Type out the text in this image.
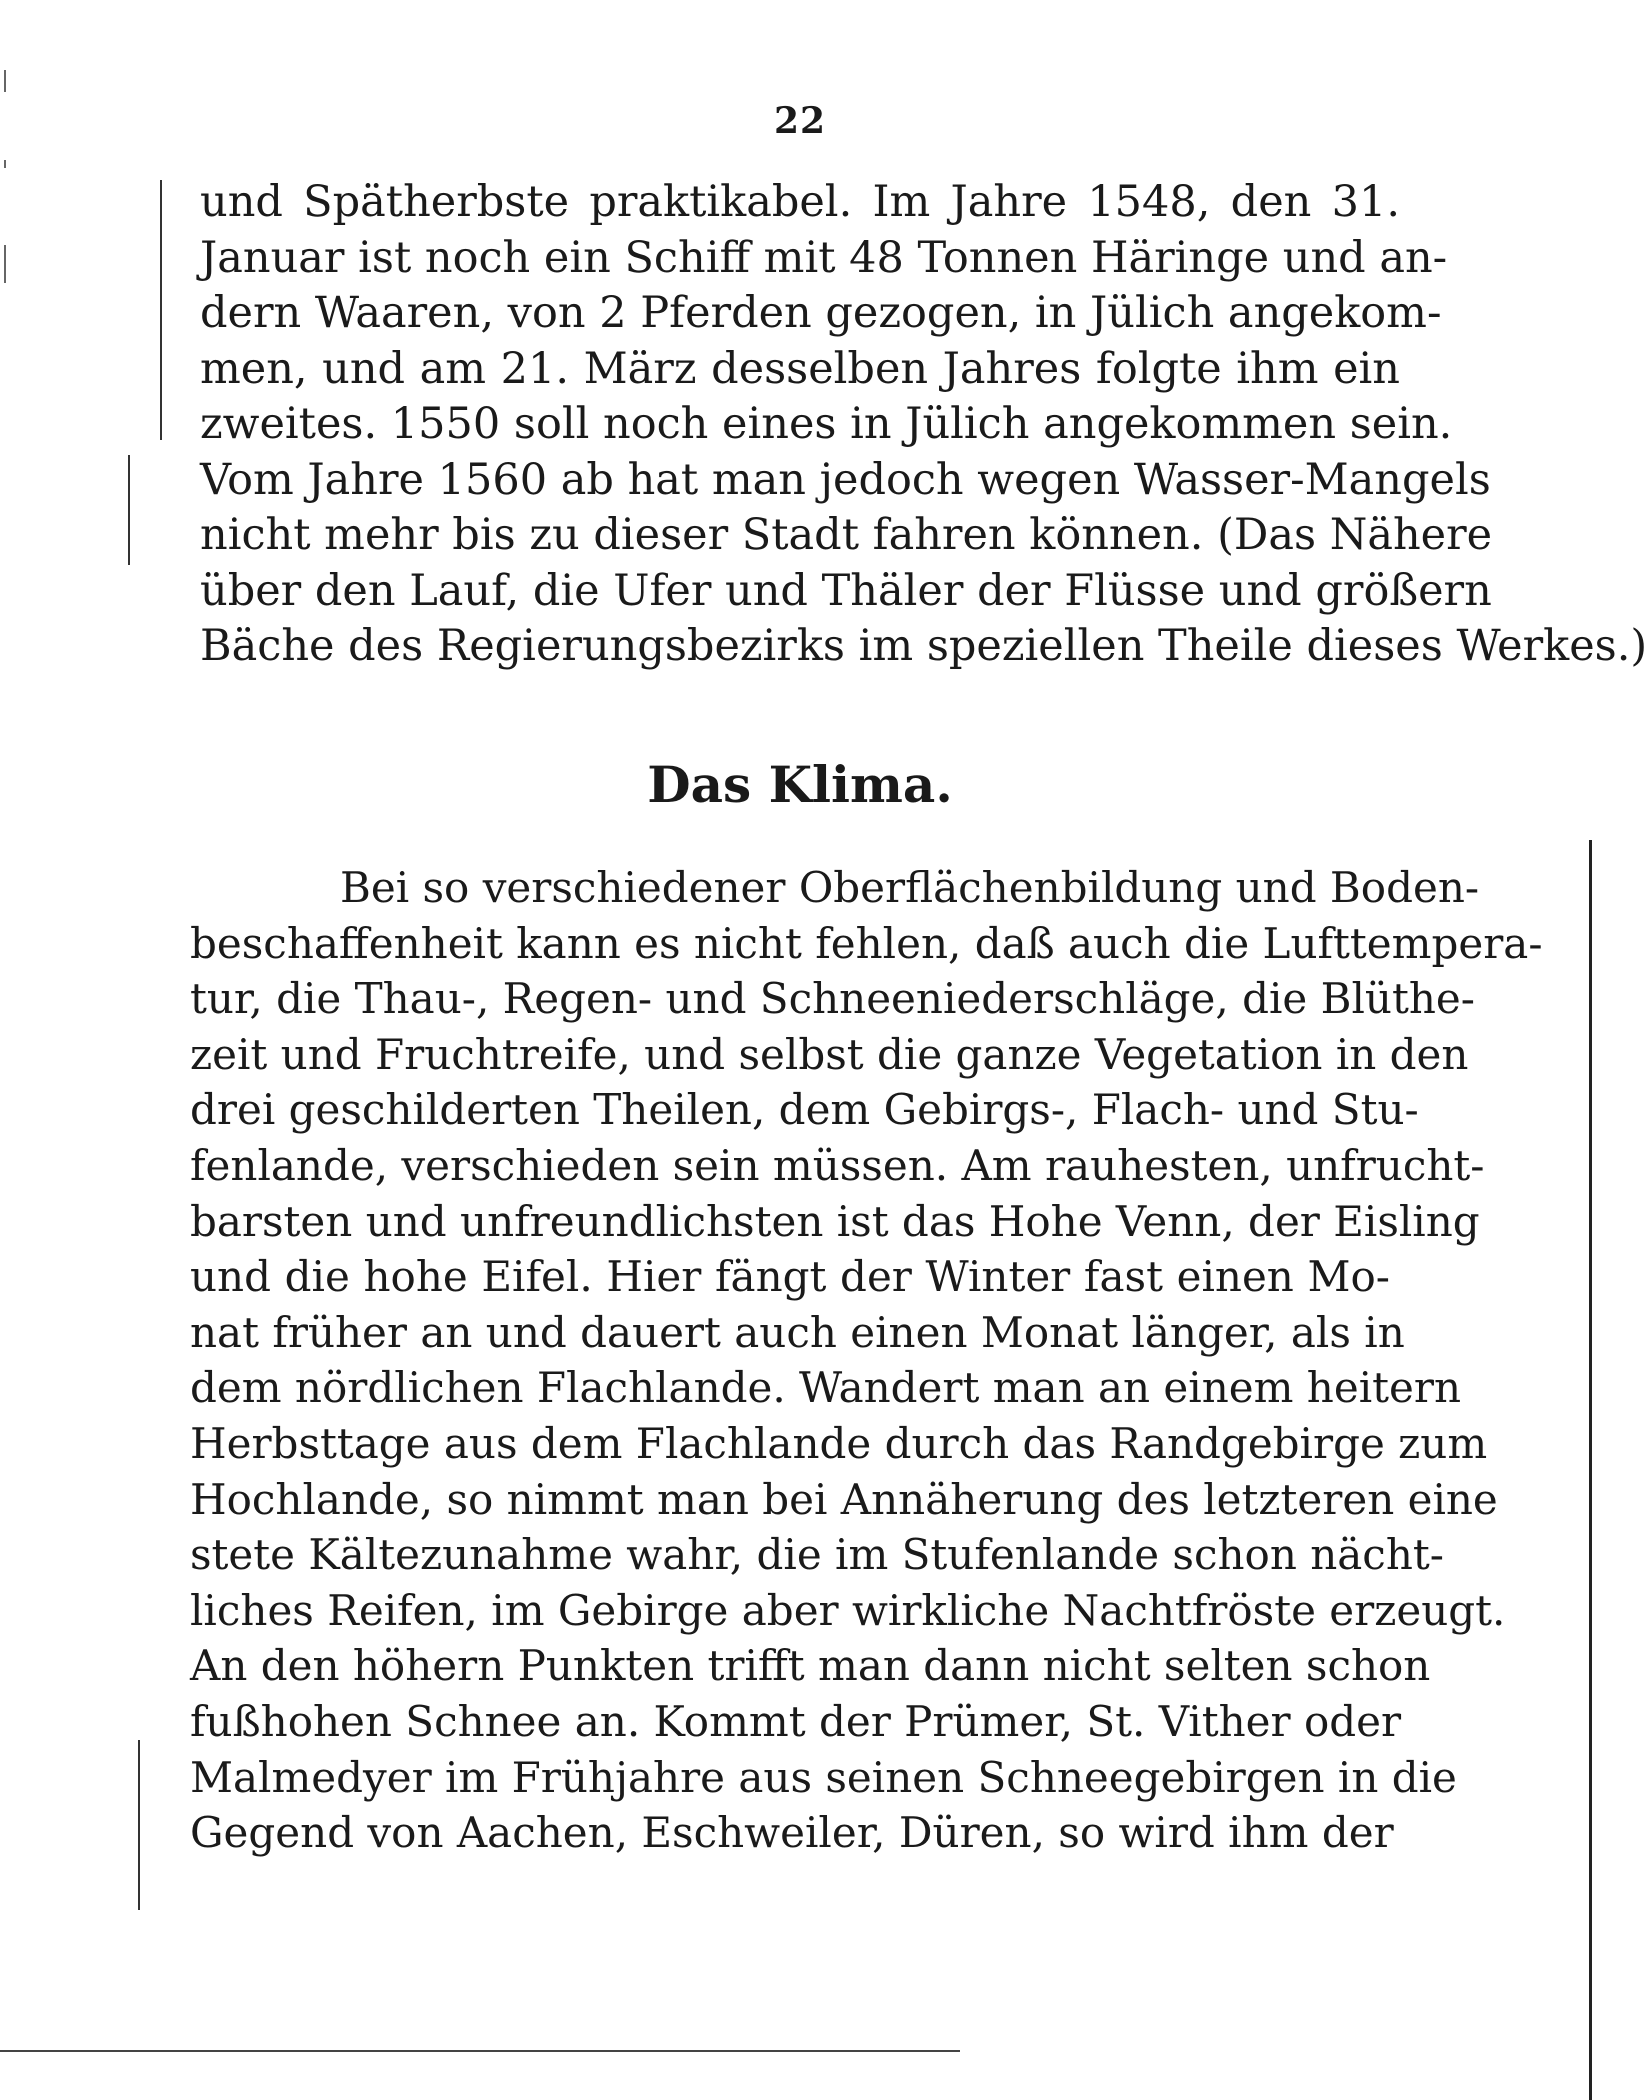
22
und Spätherbste praktikabel. Im Jahre 1548, den 31.
Januar ist noch ein Schiff mit 48 Tonnen Häringe und an-
dern Waaren, von 2 Pferden gezogen, in Jülich angekom-
men, und am 21. März desselben Jahres folgte ihm ein
zweites. 1550 soll noch eines in Jülich angekommen sein.
Vom Jahre 1560 ab hat man jedoch wegen Wasser-Mangels
nicht mehr bis zu dieser Stadt fahren können. (Das Nähere
über den Lauf, die Ufer und Thäler der Flüsse und größern
Bäche des Regierungsbezirks im speziellen Theile dieses Werkes.)
Das Klima.
Bei so verschiedener Oberflächenbildung und Boden-
beschaffenheit kann es nicht fehlen, daß auch die Lufttempera-
tur, die Thau-, Regen- und Schneeniederschläge, die Blüthe-
zeit und Fruchtreife, und selbst die ganze Vegetation in den
drei geschilderten Theilen, dem Gebirgs-, Flach- und Stu-
fenlande, verschieden sein müssen. Am rauhesten, unfrucht-
barsten und unfreundlichsten ist das Hohe Venn, der Eisling
und die hohe Eifel. Hier fängt der Winter fast einen Mo-
nat früher an und dauert auch einen Monat länger, als in
dem nördlichen Flachlande. Wandert man an einem heitern
Herbsttage aus dem Flachlande durch das Randgebirge zum
Hochlande, so nimmt man bei Annäherung des letzteren eine
stete Kältezunahme wahr, die im Stufenlande schon nächt-
liches Reifen, im Gebirge aber wirkliche Nachtfröste erzeugt.
An den höhern Punkten trifft man dann nicht selten schon
fußhohen Schnee an. Kommt der Prümer, St. Vither oder
Malmedyer im Frühjahre aus seinen Schneegebirgen in die
Gegend von Aachen, Eschweiler, Düren, so wird ihm der
